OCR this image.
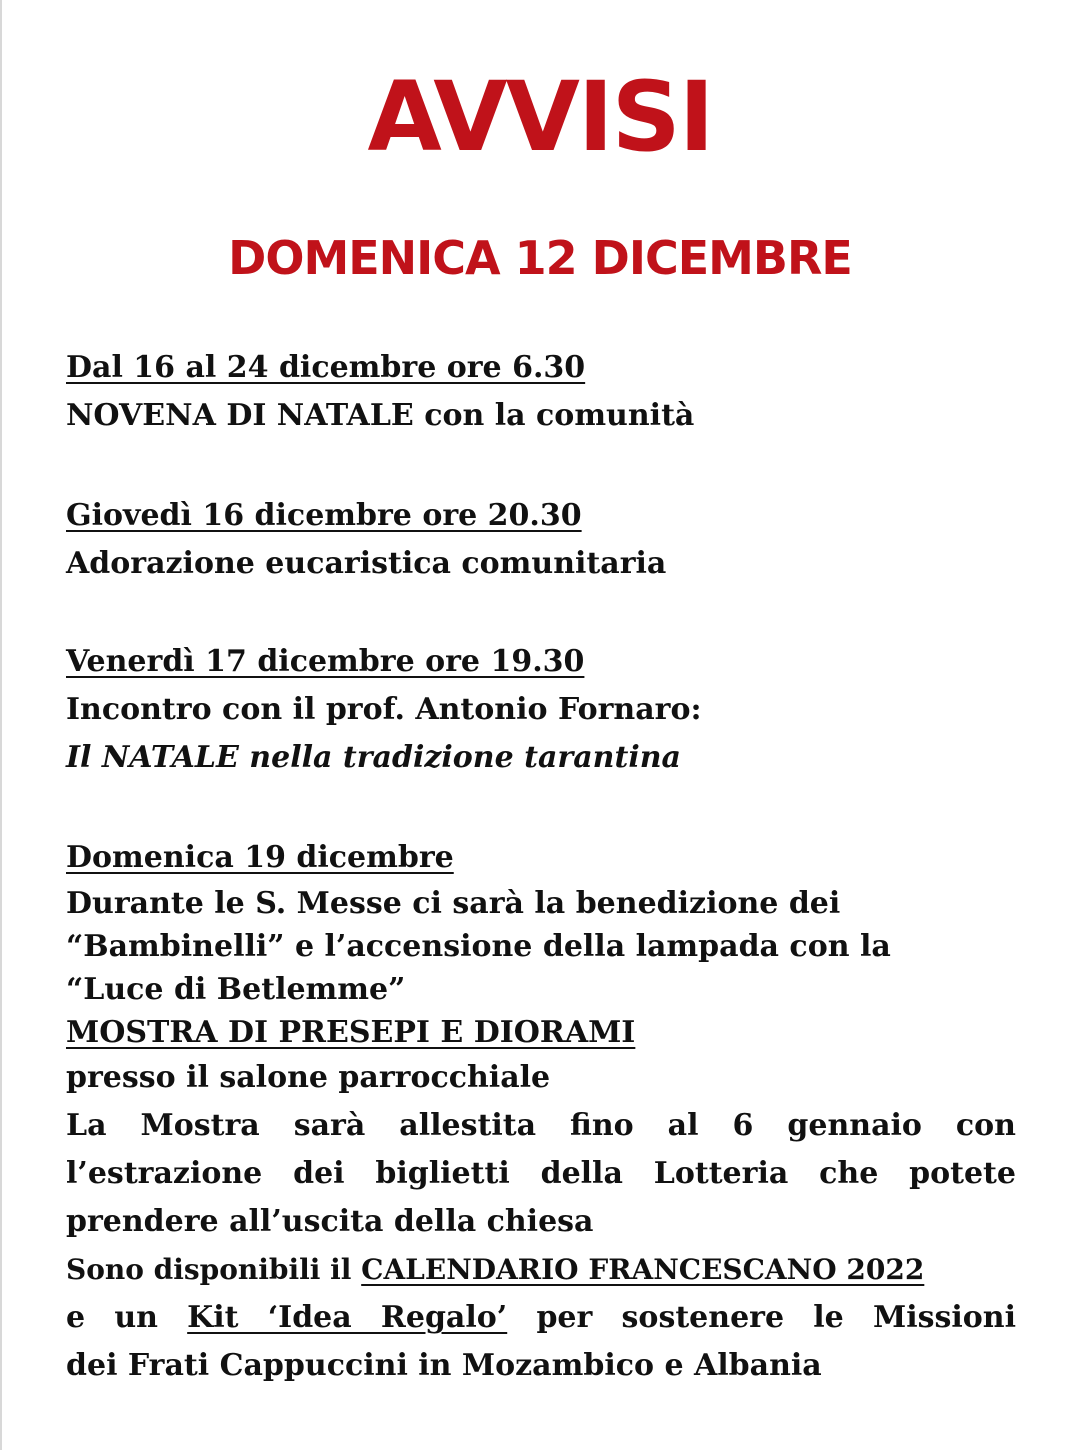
AVVISI
DOMENICA 12 DICEMBRE
Dal 16 al 24 dicembre ore 6.30
NOVENA DI NATALE con la comunità
Giovedì 16 dicembre ore 20.30
Adorazione eucaristica comunitaria
Venerdì 17 dicembre ore 19.30
Incontro con il prof. Antonio Fornaro:
Il NATALE nella tradizione tarantina
Domenica 19 dicembre
Durante le S. Messe ci sarà la benedizione dei
“Bambinelli” e l’accensione della lampada con la
“Luce di Betlemme”
MOSTRA DI PRESEPI E DIORAMI
presso il salone parrocchiale
La Mostra sarà allestita fino al 6 gennaio con
l’estrazione dei biglietti della Lotteria che potete
prendere all’uscita della chiesa
Sono disponibili il CALENDARIO FRANCESCANO 2022
e un Kit ‘Idea Regalo’ per sostenere le Missioni
dei Frati Cappuccini in Mozambico e Albania
